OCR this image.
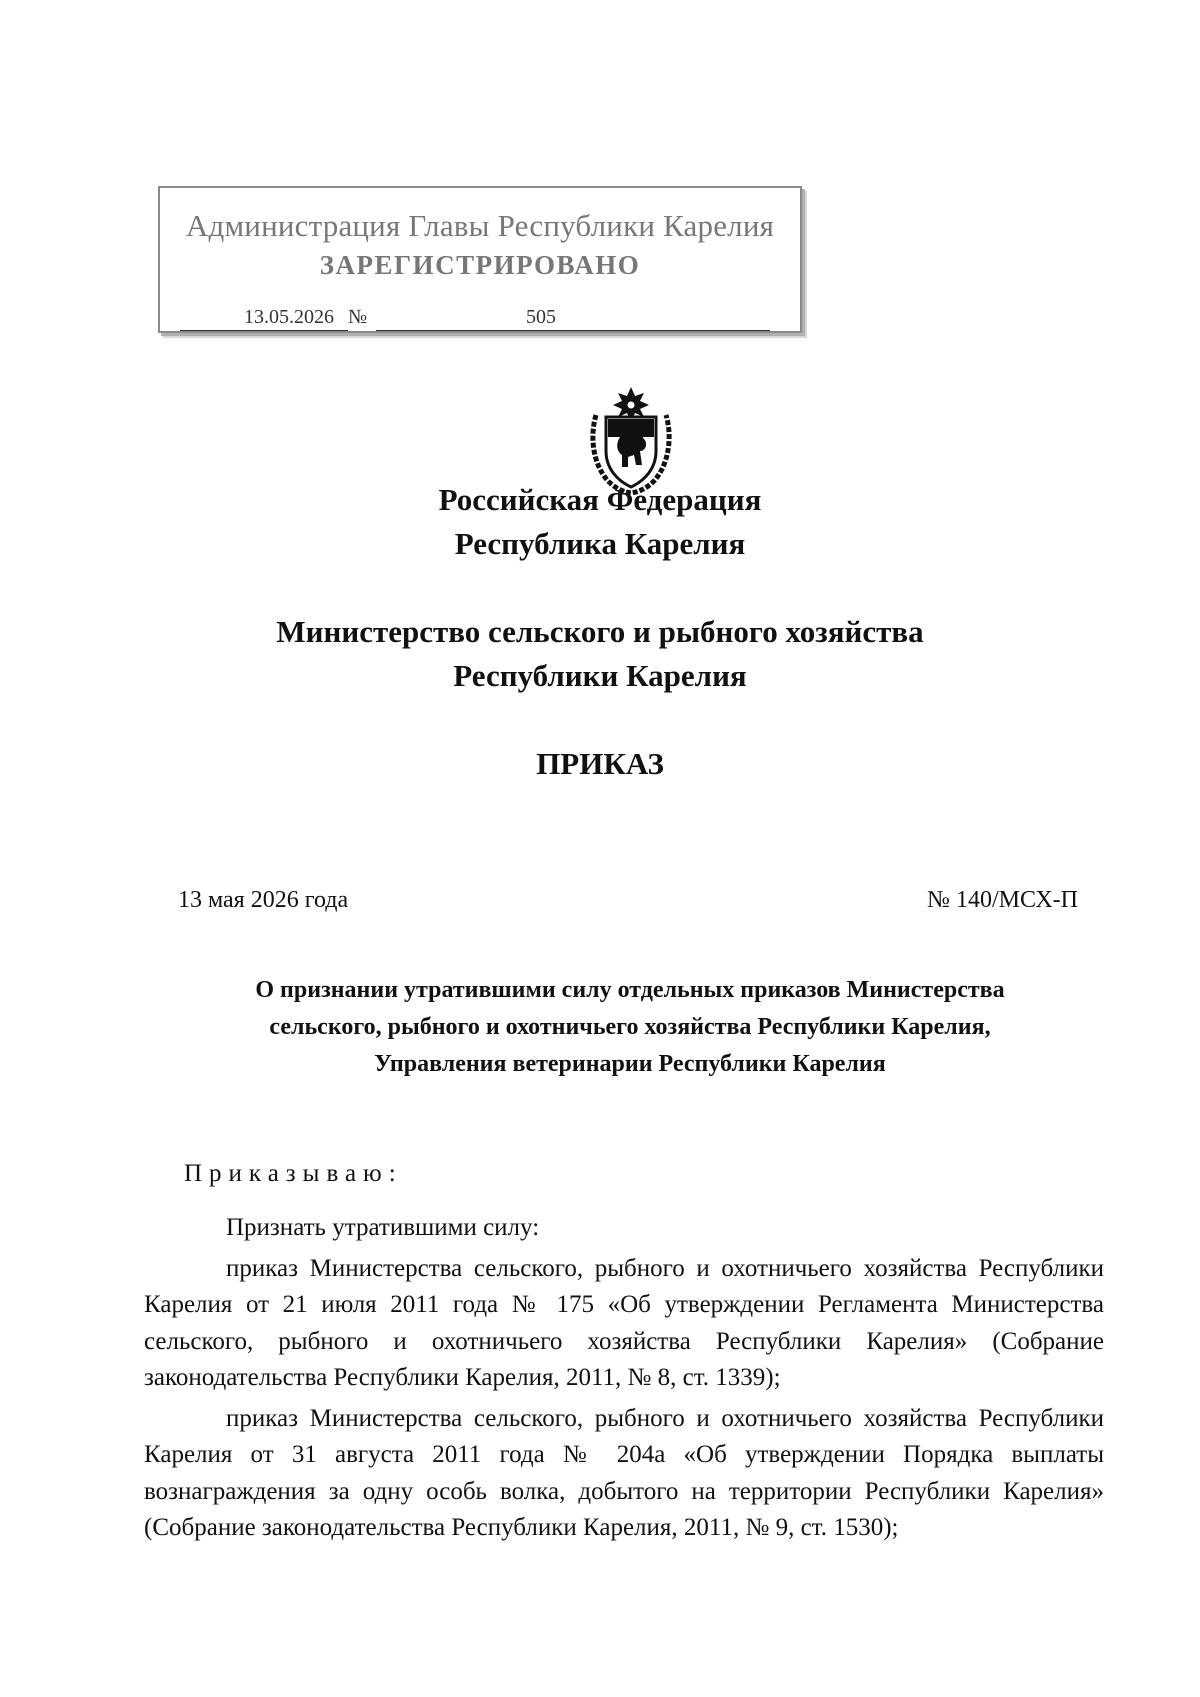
Администрация Главы Республики Карелия
ЗАРЕГИСТРИРОВАНО
13.05.2026 №	505
Российская Федерация
Республика Карелия
Министерство сельского и рыбного хозяйства
Республики Карелия
ПРИКАЗ
13 мая 2026 года	№ 140/МСХ-П
О признании утратившими силу отдельных приказов Министерства
сельского, рыбного и охотничьего хозяйства Республики Карелия,
Управления ветеринарии Республики Карелия
Приказываю:

Признать утратившими силу:

приказ Министерства сельского, рыбного и охотничьего хозяйства Республики Карелия от 21 июля 2011 года № 175 «Об утверждении Регламента Министерства сельского, рыбного и охотничьего хозяйства Республики Карелия» (Собрание законодательства Республики Карелия, 2011, № 8, ст. 1339);

приказ Министерства сельского, рыбного и охотничьего хозяйства Республики Карелия от 31 августа 2011 года № 204а «Об утверждении Порядка выплаты вознаграждения за одну особь волка, добытого на территории Республики Карелия» (Собрание законодательства Республики Карелия, 2011, № 9, ст. 1530);
